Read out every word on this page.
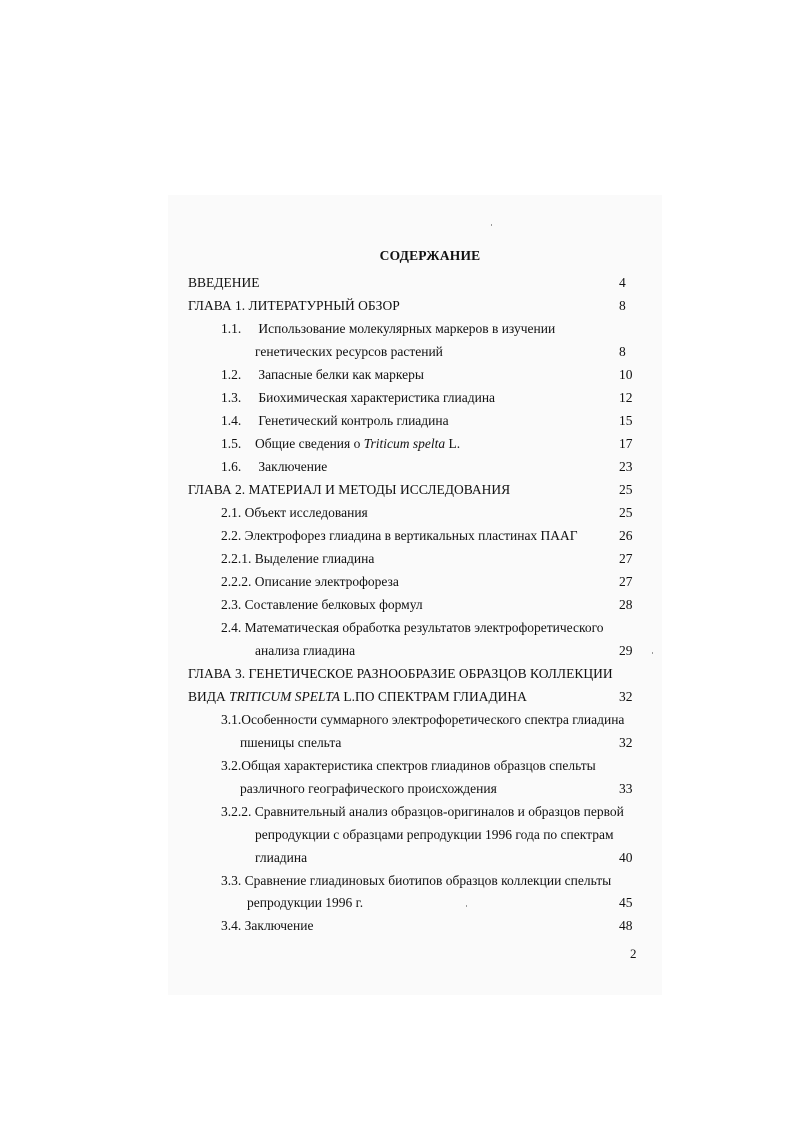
СОДЕРЖАНИЕ
ВВЕДЕНИЕ	4
ГЛАВА 1. ЛИТЕРАТУРНЫЙ ОБЗОР	8
1.1. Использование молекулярных маркеров в изучении
генетических ресурсов растений	8
1.2. Запасные белки как маркеры	10
1.3. Биохимическая характеристика глиадина	12
1.4. Генетический контроль глиадина	15
1.5. Общие сведения о Triticum spelta L.	17
1.6. Заключение	23
ГЛАВА 2. МАТЕРИАЛ И МЕТОДЫ ИССЛЕДОВАНИЯ	25
2.1. Объект исследования	25
2.2. Электрофорез глиадина в вертикальных пластинах ПААГ	26
2.2.1. Выделение глиадина	27
2.2.2. Описание электрофореза	27
2.3. Составление белковых формул	28
2.4. Математическая обработка результатов электрофоретического
анализа глиадина	29
ГЛАВА 3. ГЕНЕТИЧЕСКОЕ РАЗНООБРАЗИЕ ОБРАЗЦОВ КОЛЛЕКЦИИ
ВИДА TRITICUM SPELTA L.ПО СПЕКТРАМ ГЛИАДИНА	32
3.1.Особенности суммарного электрофоретического спектра глиадина
пшеницы спельта	32
3.2.Общая характеристика спектров глиадинов образцов спельты
различного географического происхождения	33
3.2.2. Сравнительный анализ образцов-оригиналов и образцов первой
репродукции с образцами репродукции 1996 года по спектрам
глиадина	40
3.3. Сравнение глиадиновых биотипов образцов коллекции спельты
репродукции 1996 г.	45
3.4. Заключение	48
2
